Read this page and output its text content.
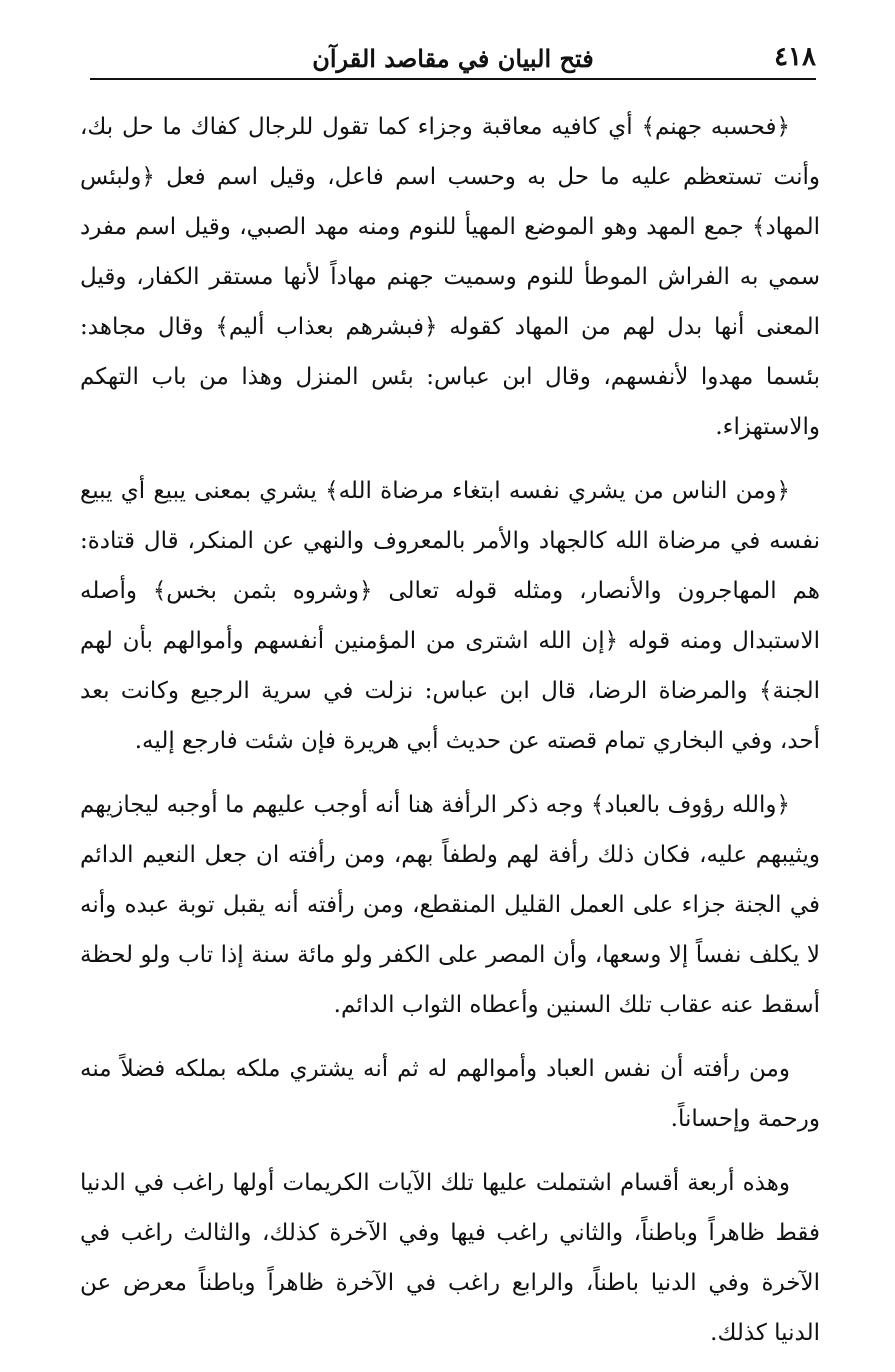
٤١٨
فتح البيان في مقاصد القرآن

﴿فحسبه جهنم﴾ أي كافيه معاقبة وجزاء كما تقول للرجال كفاك ما حل بك، وأنت تستعظم عليه ما حل به وحسب اسم فاعل، وقيل اسم فعل ﴿ولبئس المهاد﴾ جمع المهد وهو الموضع المهيأ للنوم ومنه مهد الصبي، وقيل اسم مفرد سمي به الفراش الموطأ للنوم وسميت جهنم مهاداً لأنها مستقر الكفار، وقيل المعنى أنها بدل لهم من المهاد كقوله ﴿فبشرهم بعذاب أليم﴾ وقال مجاهد: بئسما مهدوا لأنفسهم، وقال ابن عباس: بئس المنزل وهذا من باب التهكم والاستهزاء.

﴿ومن الناس من يشري نفسه ابتغاء مرضاة الله﴾ يشري بمعنى يبيع أي يبيع نفسه في مرضاة الله كالجهاد والأمر بالمعروف والنهي عن المنكر، قال قتادة: هم المهاجرون والأنصار، ومثله قوله تعالى ﴿وشروه بثمن بخس﴾ وأصله الاستبدال ومنه قوله ﴿إن الله اشترى من المؤمنين أنفسهم وأموالهم بأن لهم الجنة﴾ والمرضاة الرضا، قال ابن عباس: نزلت في سرية الرجيع وكانت بعد أحد، وفي البخاري تمام قصته عن حديث أبي هريرة فإن شئت فارجع إليه.

﴿والله رؤوف بالعباد﴾ وجه ذكر الرأفة هنا أنه أوجب عليهم ما أوجبه ليجازيهم ويثيبهم عليه، فكان ذلك رأفة لهم ولطفاً بهم، ومن رأفته ان جعل النعيم الدائم في الجنة جزاء على العمل القليل المنقطع، ومن رأفته أنه يقبل توبة عبده وأنه لا يكلف نفساً إلا وسعها، وأن المصر على الكفر ولو مائة سنة إذا تاب ولو لحظة أسقط عنه عقاب تلك السنين وأعطاه الثواب الدائم.

ومن رأفته أن نفس العباد وأموالهم له ثم أنه يشتري ملكه بملكه فضلاً منه ورحمة وإحساناً.

وهذه أربعة أقسام اشتملت عليها تلك الآيات الكريمات أولها راغب في الدنيا فقط ظاهراً وباطناً، والثاني راغب فيها وفي الآخرة كذلك، والثالث راغب في الآخرة وفي الدنيا باطناً، والرابع راغب في الآخرة ظاهراً وباطناً معرض عن الدنيا كذلك.
